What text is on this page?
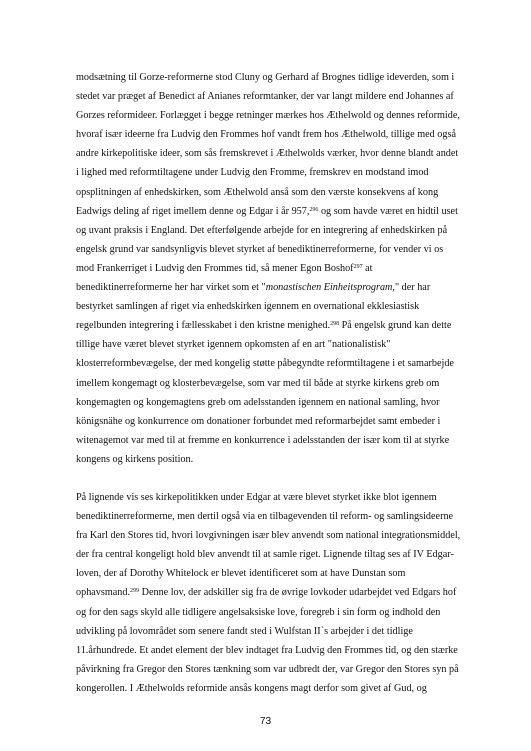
modsætning til Gorze-reformerne stod Cluny og Gerhard af Brognes tidlige ideverden, som i
stedet var præget af Benedict af Anianes reformtanker, der var langt mildere end Johannes af
Gorzes reformideer. Forlægget i begge retninger mærkes hos Æthelwold og dennes reformide,
hvoraf især ideerne fra Ludvig den Frommes hof vandt frem hos Æthelwold, tillige med også
andre kirkepolitiske ideer, som sås fremskrevet i Æthelwolds værker, hvor denne blandt andet
i lighed med reformtiltagene under Ludvig den Fromme, fremskrev en modstand imod
opsplitningen af enhedskirken, som Æthelwold anså som den værste konsekvens af kong
Eadwigs deling af riget imellem denne og Edgar i år 957,$^{296}$ og som havde været en hidtil uset
og uvant praksis i England. Det efterfølgende arbejde for en integrering af enhedskirken på
engelsk grund var sandsynligvis blevet styrket af benediktinerreformerne, for vender vi os
mod Frankerriget i Ludvig den Frommes tid, så mener Egon Boshof$^{297}$ at
benediktinerreformerne her har virket som et "monastischen Einheitsprogram," der har
bestyrket samlingen af riget via enhedskirken igennem en overnational ekklesiastisk
regelbunden integrering i fællesskabet i den kristne menighed.$^{298}$ På engelsk grund kan dette
tillige have været blevet styrket igennem opkomsten af en art "nationalistisk"
klosterreformbevægelse, der med kongelig støtte påbegyndte reformtiltagene i et samarbejde
imellem kongemagt og klosterbevægelse, som var med til både at styrke kirkens greb om
kongemagten og kongemagtens greb om adelsstanden igennem en national samling, hvor
königsnähe og konkurrence om donationer forbundet med reformarbejdet samt embeder i
witenagemot var med til at fremme en konkurrence i adelsstanden der især kom til at styrke
kongens og kirkens position.

På lignende vis ses kirkepolitikken under Edgar at være blevet styrket ikke blot igennem
benediktinerreformerne, men dertil også via en tilbagevenden til reform- og samlingsideerne
fra Karl den Stores tid, hvori lovgivningen især blev anvendt som national integrationsmiddel,
der fra central kongeligt hold blev anvendt til at samle riget. Lignende tiltag ses af IV Edgar-
loven, der af Dorothy Whitelock er blevet identificeret som at have Dunstan som
ophavsmand.$^{299}$ Denne lov, der adskiller sig fra de øvrige lovkoder udarbejdet ved Edgars hof
og for den sags skyld alle tidligere angelsaksiske love, foregreb i sin form og indhold den
udvikling på lovområdet som senere fandt sted i Wulfstan II`s arbejder i det tidlige
11.århundrede. Et andet element der blev indtaget fra Ludvig den Frommes tid, og den stærke
påvirkning fra Gregor den Stores tænkning som var udbredt der, var Gregor den Stores syn på
kongerollen. I Æthelwolds reformide ansås kongens magt derfor som givet af Gud, og

73
